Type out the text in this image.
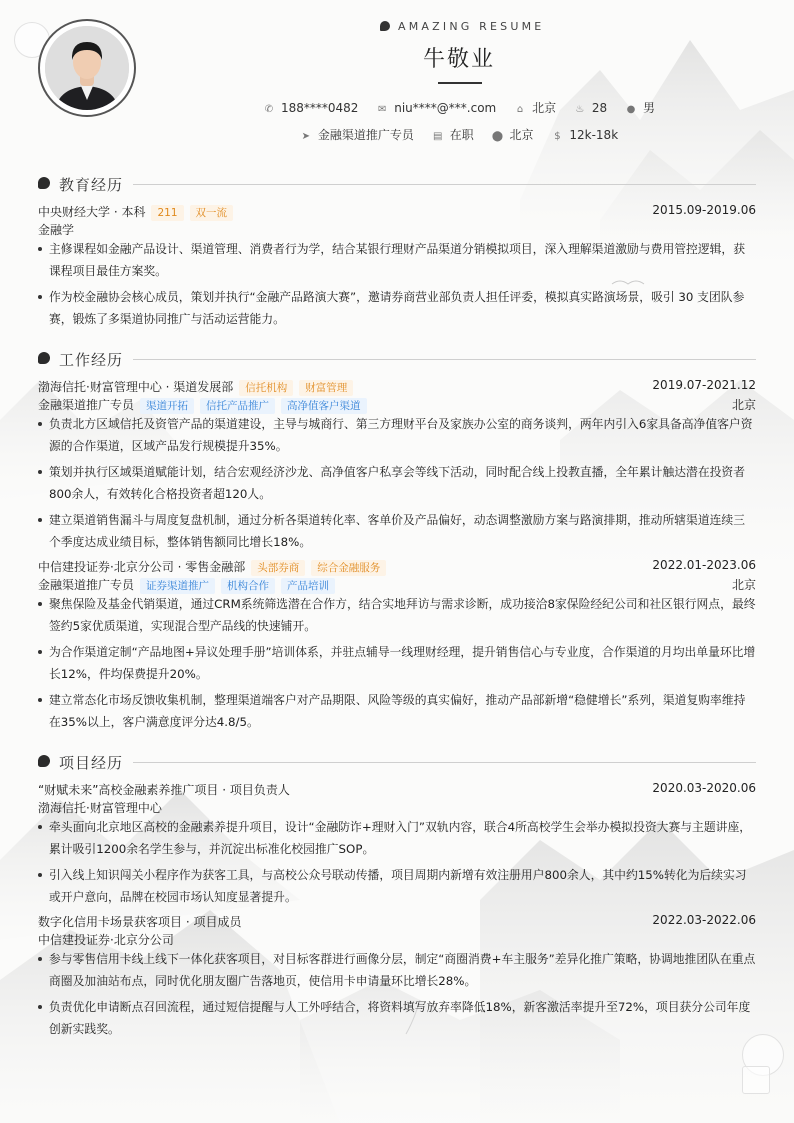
AMAZING RESUME
牛敬业
✆ 188****0482 ✉ niu****@***.com ⌂ 北京 ♨ 28 ● 男
➤ 金融渠道推广专员 ▤ 在职 ⬤ 北京 $ 12k-18k
教育经历
中央财经大学 · 本科 211 双一流	2015.09-2019.06
金融学
主修课程如金融产品设计、渠道管理、消费者行为学，结合某银行理财产品渠道分销模拟项目，深入理解渠道激励与费用管控逻辑，获课程项目最佳方案奖。
作为校金融协会核心成员，策划并执行“金融产品路演大赛”，邀请券商营业部负责人担任评委，模拟真实路演场景，吸引 30 支团队参赛，锻炼了多渠道协同推广与活动运营能力。
工作经历
渤海信托·财富管理中心 · 渠道发展部 信托机构 财富管理	2019.07-2021.12
金融渠道推广专员 渠道开拓 信托产品推广 高净值客户渠道	北京
负责北方区域信托及资管产品的渠道建设，主导与城商行、第三方理财平台及家族办公室的商务谈判，两年内引入6家具备高净值客户资源的合作渠道，区域产品发行规模提升35%。
策划并执行区域渠道赋能计划，结合宏观经济沙龙、高净值客户私享会等线下活动，同时配合线上投教直播，全年累计触达潜在投资者800余人，有效转化合格投资者超120人。
建立渠道销售漏斗与周度复盘机制，通过分析各渠道转化率、客单价及产品偏好，动态调整激励方案与路演排期，推动所辖渠道连续三个季度达成业绩目标，整体销售额同比增长18%。
中信建投证券·北京分公司 · 零售金融部 头部券商 综合金融服务	2022.01-2023.06
金融渠道推广专员 证券渠道推广 机构合作 产品培训	北京
聚焦保险及基金代销渠道，通过CRM系统筛选潜在合作方，结合实地拜访与需求诊断，成功接洽8家保险经纪公司和社区银行网点，最终签约5家优质渠道，实现混合型产品线的快速铺开。
为合作渠道定制“产品地图+异议处理手册”培训体系，并驻点辅导一线理财经理，提升销售信心与专业度，合作渠道的月均出单量环比增长12%，件均保费提升20%。
建立常态化市场反馈收集机制，整理渠道端客户对产品期限、风险等级的真实偏好，推动产品部新增“稳健增长”系列，渠道复购率维持在35%以上，客户满意度评分达4.8/5。
项目经历
“财赋未来”高校金融素养推广项目 · 项目负责人	2020.03-2020.06
渤海信托·财富管理中心
牵头面向北京地区高校的金融素养提升项目，设计“金融防诈+理财入门”双轨内容，联合4所高校学生会举办模拟投资大赛与主题讲座，累计吸引1200余名学生参与，并沉淀出标准化校园推广SOP。
引入线上知识闯关小程序作为获客工具，与高校公众号联动传播，项目周期内新增有效注册用户800余人，其中约15%转化为后续实习或开户意向，品牌在校园市场认知度显著提升。
数字化信用卡场景获客项目 · 项目成员	2022.03-2022.06
中信建投证券·北京分公司
参与零售信用卡线上线下一体化获客项目，对目标客群进行画像分层，制定“商圈消费+车主服务”差异化推广策略，协调地推团队在重点商圈及加油站布点，同时优化朋友圈广告落地页，使信用卡申请量环比增长28%。
负责优化申请断点召回流程，通过短信提醒与人工外呼结合，将资料填写放弃率降低18%，新客激活率提升至72%，项目获分公司年度创新实践奖。
